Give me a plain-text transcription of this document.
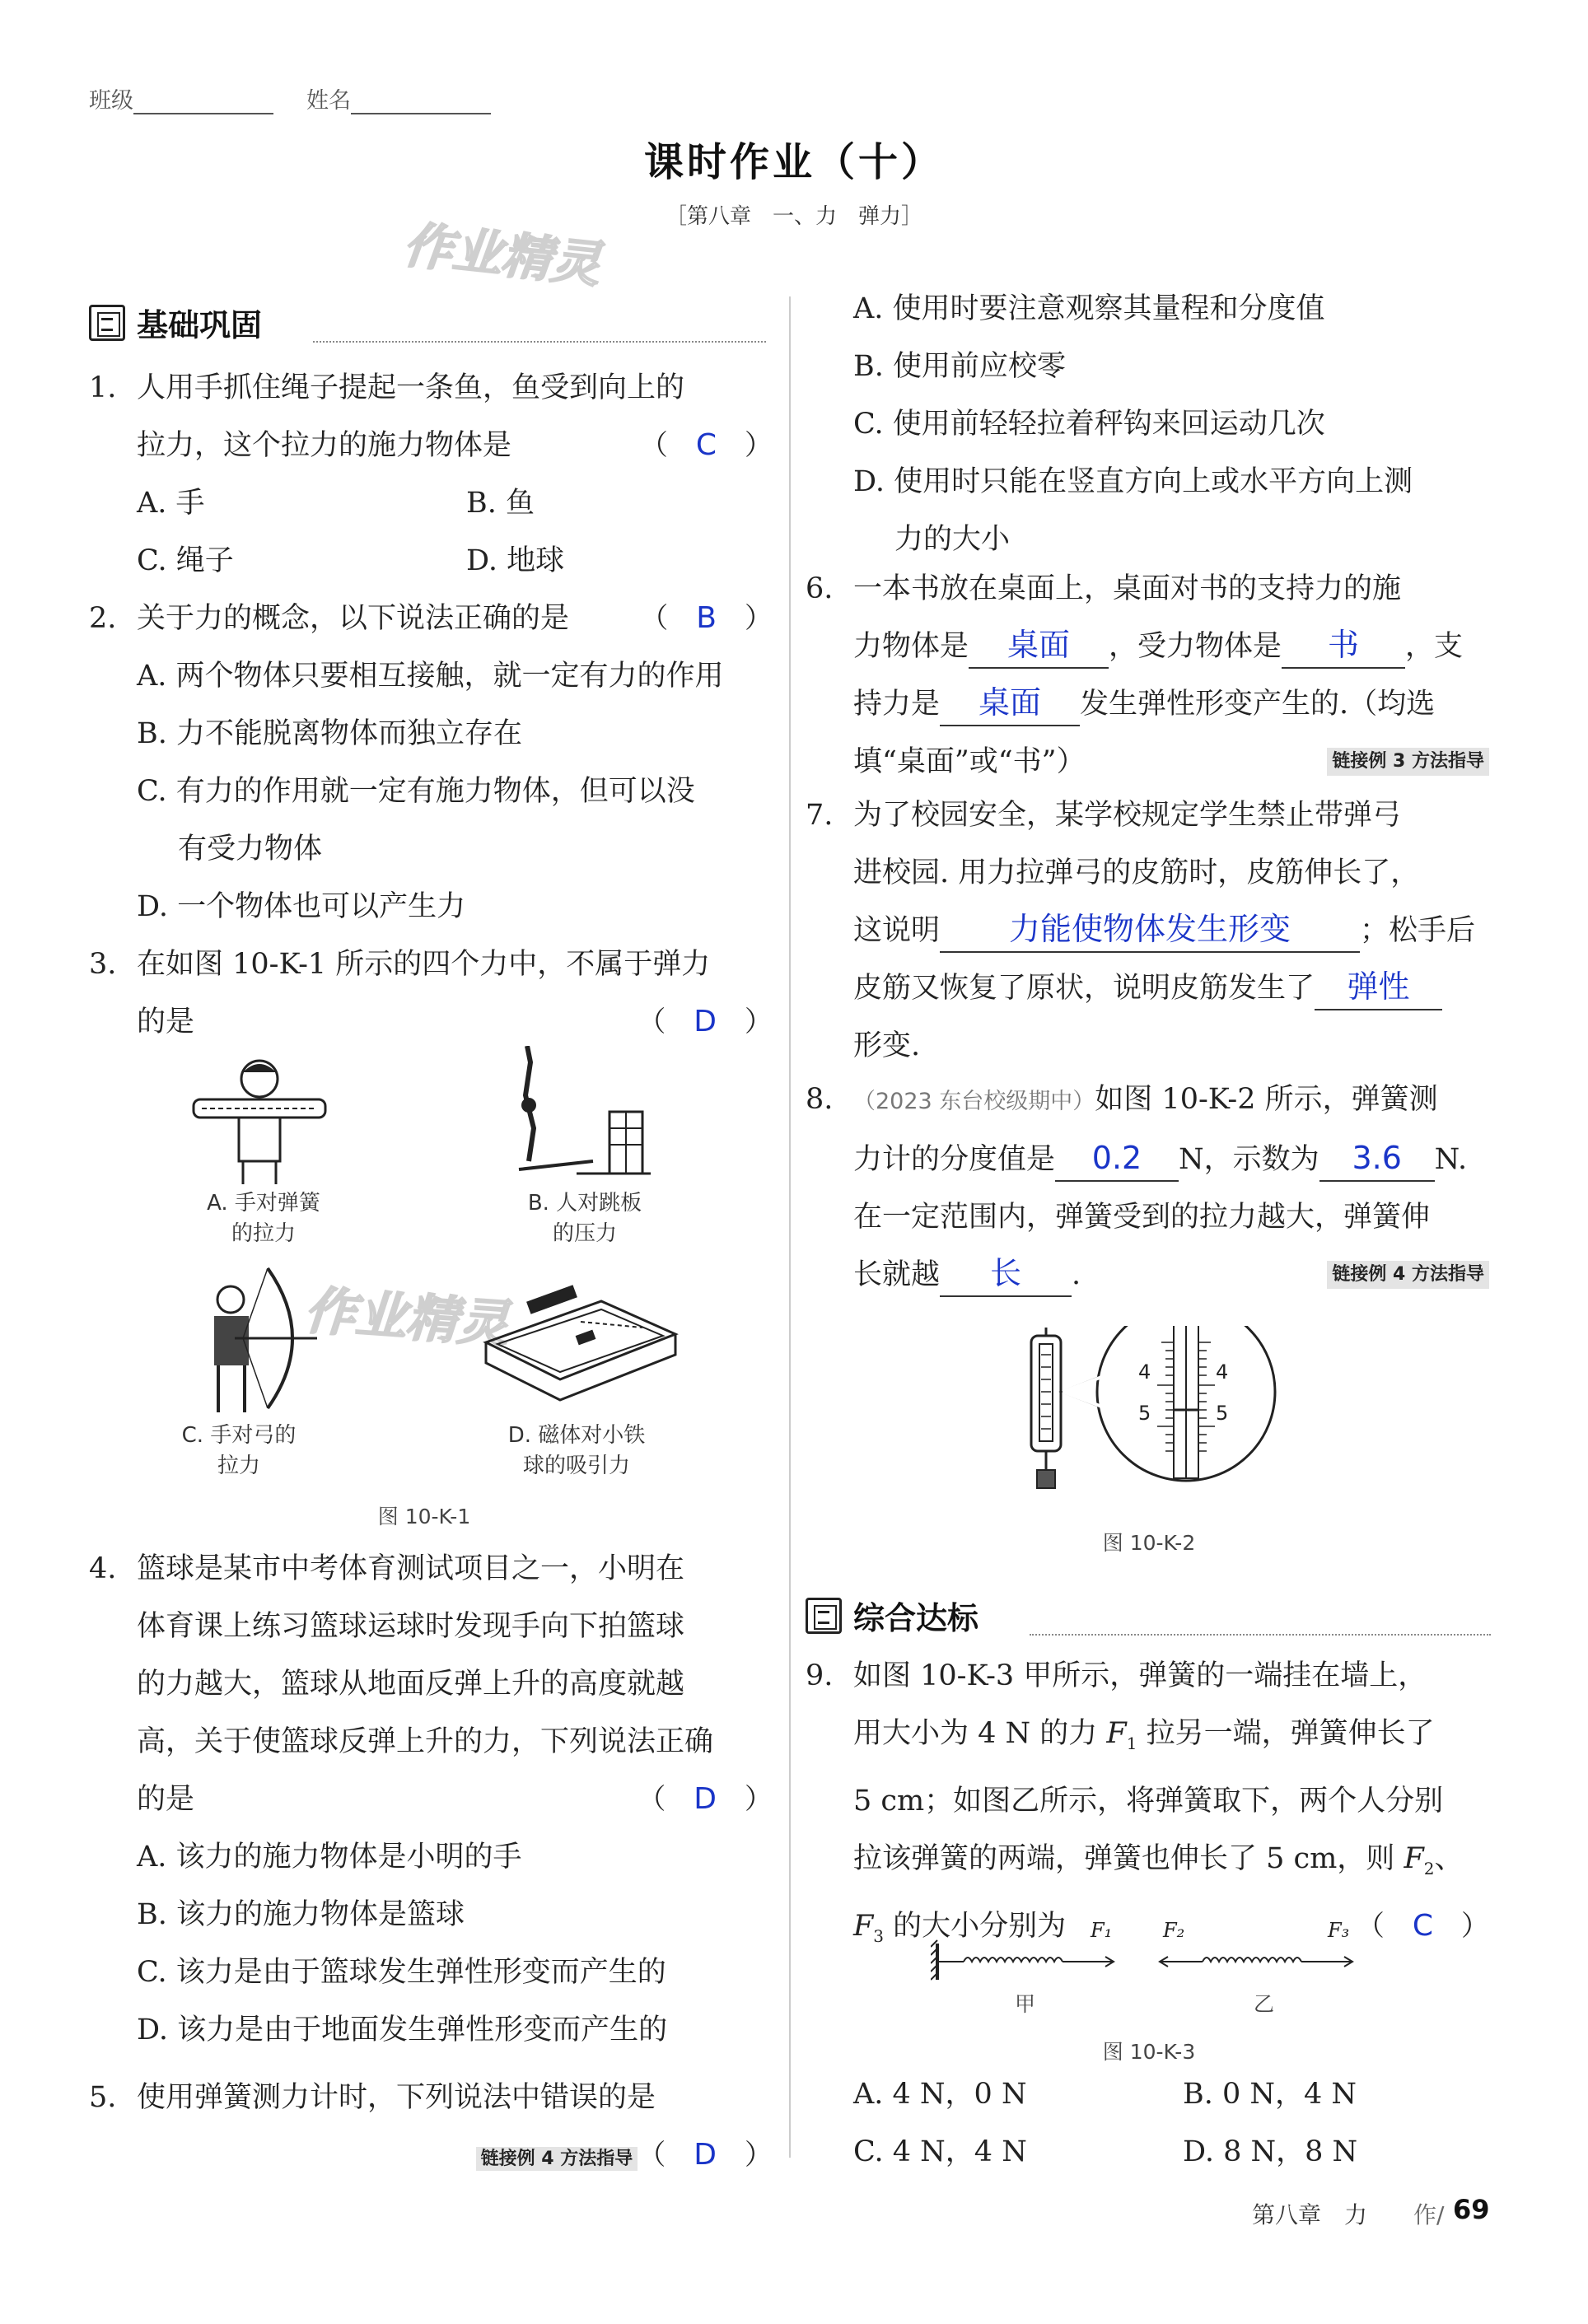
班级	姓名
课时作业（十）
［第八章　一、力　弹力］
作业精灵
基础巩固
1. 人用手抓住绳子提起一条鱼，鱼受到向上的
拉力，这个拉力的施力物体是	（　C　）
A. 手	B. 鱼
C. 绳子	D. 地球
2. 关于力的概念，以下说法正确的是	（　B　）
A. 两个物体只要相互接触，就一定有力的作用
B. 力不能脱离物体而独立存在
C. 有力的作用就一定有施力物体，但可以没
有受力物体
D. 一个物体也可以产生力
3. 在如图 10-K-1 所示的四个力中，不属于弹力
的是	（　D　）
A. 手对弹簧
的拉力
B. 人对跳板
的压力
作业精灵
C. 手对弓的
拉力
D. 磁体对小铁
球的吸引力
图 10-K-1
4. 篮球是某市中考体育测试项目之一，小明在
体育课上练习篮球运球时发现手向下拍篮球
的力越大，篮球从地面反弹上升的高度就越
高，关于使篮球反弹上升的力，下列说法正确
的是	（　D　）
A. 该力的施力物体是小明的手
B. 该力的施力物体是篮球
C. 该力是由于篮球发生弹性形变而产生的
D. 该力是由于地面发生弹性形变而产生的
5. 使用弹簧测力计时，下列说法中错误的是
链接例 4 方法指导 （　D　）
A. 使用时要注意观察其量程和分度值
B. 使用前应校零
C. 使用前轻轻拉着秤钩来回运动几次
D. 使用时只能在竖直方向上或水平方向上测
力的大小
6. 一本书放在桌面上，桌面对书的支持力的施
力物体是 桌面 ，受力物体是 书 ，支
持力是 桌面 发生弹性形变产生的.（均选
填“桌面”或“书”）	链接例 3 方法指导
7. 为了校园安全，某学校规定学生禁止带弹弓
进校园. 用力拉弹弓的皮筋时，皮筋伸长了，
这说明 力能使物体发生形变 ；松手后
皮筋又恢复了原状，说明皮筋发生了 弹性
形变.
8. （2023 东台校级期中）如图 10-K-2 所示，弹簧测
力计的分度值是 0.2 N，示数为 3.6 N.
在一定范围内，弹簧受到的拉力越大，弹簧伸
长就越 长 .	链接例 4 方法指导
4	4
5	5
图 10-K-2
综合达标
9. 如图 10-K-3 甲所示，弹簧的一端挂在墙上，
用大小为 4 N 的力 $F_1$ 拉另一端，弹簧伸长了
5 cm；如图乙所示，将弹簧取下，两个人分别
拉该弹簧的两端，弹簧也伸长了 5 cm，则 $F_2$、
$F_3$ 的大小分别为	（　C　）
F₁	F₂	F₃
甲	乙
图 10-K-3
A. 4 N，0 N	B. 0 N，4 N
C. 4 N，4 N	D. 8 N，8 N
第八章　力 作/ 69
